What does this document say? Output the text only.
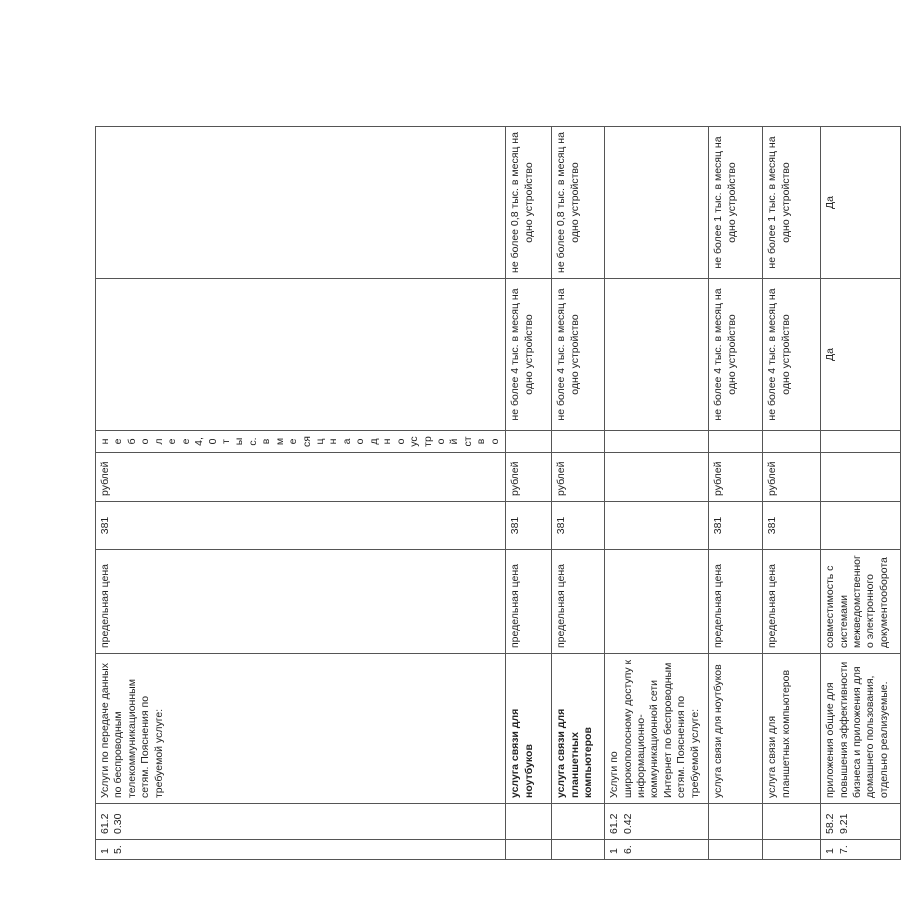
15.	61.20.30	Услуги по передаче данных по беспроводным телекоммуникационным сетям. Пояснения по требуемой услуге:	предельная цена	381	рублей	не более 4,0 тыс. в месяц на одно устройство		
		услуга связи для ноутбуков	предельная цена	381	рублей		не более 4 тыс. в месяц на одно устройство	не более 0,8 тыс. в месяц на одно устройство
		услуга связи для планшетных компьютеров	предельная цена	381	рублей		не более 4 тыс. в месяц на одно устройство	не более 0,8 тыс. в месяц на одно устройство
16.	61.20.42	Услуги по широкополосному доступу к информационно-коммуникационной сети Интернет по беспроводным сетям. Пояснения по требуемой услуге:						
		услуга связи для ноутбуков	предельная цена	381	рублей		не более 4 тыс. в месяц на одно устройство	не более 1 тыс. в месяц на одно устройство
		услуга связи для планшетных компьютеров	предельная цена	381	рублей		не более 4 тыс. в месяц на одно устройство	не более 1 тыс. в месяц на одно устройство
17.	58.29.21	приложения общие для повышения эффективности бизнеса и приложения для домашнего пользования, отдельно реализуемые.	совместимость с системами межведомственного электронного документооборота				Да	Да
